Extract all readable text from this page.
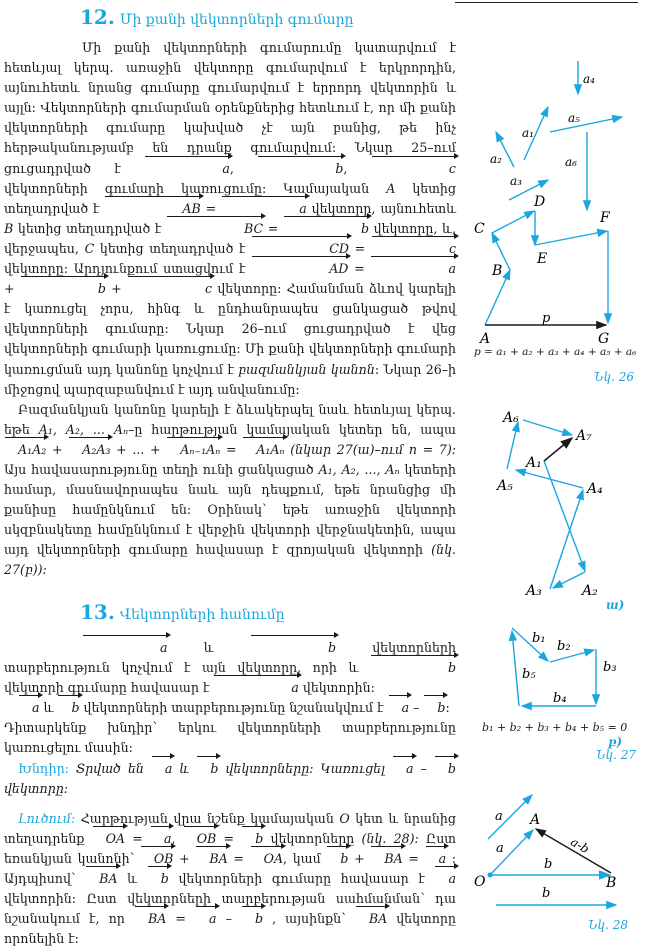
12. Մի քանի վեկտորների գումարը

Մի քանի վեկտորների գումարումը կատարվում է հետևյալ կերպ. առաջին վեկտորը գումարվում է երկրորդին, այնուհետև նրանց գումարը գումարվում է երրորդ վեկտորին և այլն: Վեկտորների գումարման օրենքներից հետևում է, որ մի քանի վեկտորների գումարը կախված չէ այն բանից, թե ինչ հերթականությամբ են դրանք գումարվում: Նկար 25–ում ցուցադրված է	a,	b,	c վեկտորների գումարի կառուցումը: Կամայական A կետից տեղադրված է	AB =	a վեկտորը, այնուհետև B կետից տեղադրված է	BC =	b վեկտորը, և, վերջապես, C կետից տեղադրված է	CD =	c վեկտորը: Արդյունքում ստացվում է	AD =	a +	b +	c վեկտորը: Համանման ձևով կարելի է կառուցել չորս, հինգ և ընդհանրապես ցանկացած թվով վեկտորների գումարը: Նկար 26–ում ցուցադրված է վեց վեկտորների գումարի կառուցումը: Մի քանի վեկտորների գումարի կառուցման այդ կանոնը կոչվում է բազմանկյան կանոն: Նկար 26–ի միջոցով պարզաբանվում է այդ անվանումը:

Բազմանկյան կանոնը կարելի է ձևակերպել նաև հետևյալ կերպ. եթե A₁, A₂, ... Aₙ–ը հարթության կամայական կետեր են, ապա A₁A₂ + A₂A₃ + ... + Aₙ₋₁Aₙ = A₁Aₙ (նկար 27(ա)–ում n = 7): Այս հավասարությունը տեղի ունի ցանկացած A₁, A₂, ..., Aₙ կետերի համար, մասնավորապես նաև այն դեպքում, եթե նրանցից մի քանիսը համընկնում են: Օրինակ՝ եթե առաջին վեկտորի սկզբնակետը համընկնում է վերջին վեկտորի վերջնակետին, ապա այդ վեկտորների գումարը հավասար է զրոյական վեկտորի (նկ. 27(բ)):

13. Վեկտորների հանումը

a և	b վեկտորների տարբերություն կոչվում է այն վեկտորը, որի և	b վեկտորի գումարը հավասար է	a վեկտորին:

a և b վեկտորների տարբերությունը նշանակվում է a – b:

Դիտարկենք խնդիր՝ երկու վեկտորների տարբերությունը կառուցելու մասին:

Խնդիր: Տրված են a և b վեկտորները: Կառուցել a – b վեկտորը:

Լուծում: Հարթության վրա նշենք կամայական O կետ և նրանից տեղադրենք OA = a, OB = b վեկտորները (նկ. 28): Ըստ եռանկյան կանոնի՝ OB + BA = OA, կամ b + BA = a : Այդպիսով՝ BA և b վեկտորների գումարը հավասար է a վեկտորին: Ըստ վեկտորների տարբերության սահմանման՝ դա նշանակում է, որ BA = a – b , այսինքն՝ BA վեկտորը որոնելին է:

a₄
a₁
a₂
a₅
a₆
a₃
C
D
E
F
B
A	G
p
p = a₁ + a₂ + a₃ + a₄ + a₅ + a₆
Նկ. 26
A₆
A₇
A₁
A₅	A₄
A₃	A₂
ա)
b₁
b₂
b₃
b₄
b₅
b₁ + b₂ + b₃ + b₄ + b₅ = 0
բ)
Նկ. 27
a
a
b
b
a-b
A
O	B
Նկ. 28
